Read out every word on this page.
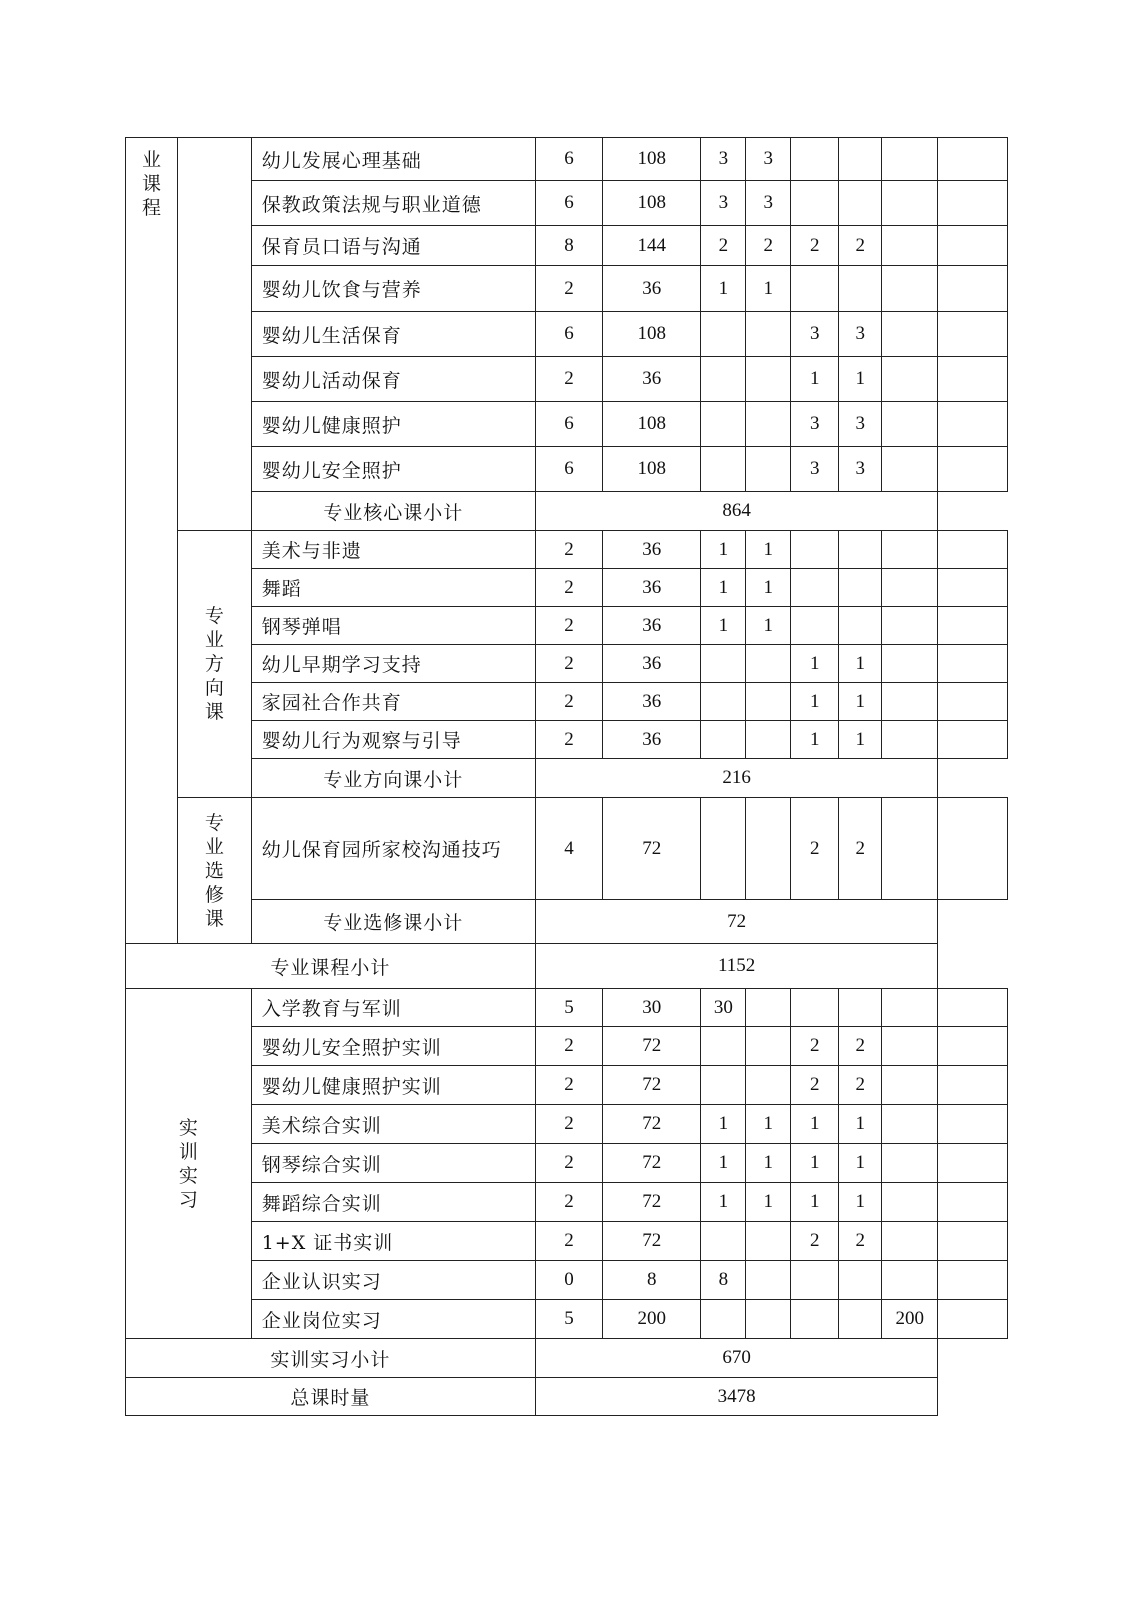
业课程		幼儿发展心理基础	6	108	3	3				
		保教政策法规与职业道德	6	108	3	3				
		保育员口语与沟通	8	144	2	2	2	2		
		婴幼儿饮食与营养	2	36	1	1				
		婴幼儿生活保育	6	108			3	3		
		婴幼儿活动保育	2	36			1	1		
		婴幼儿健康照护	6	108			3	3		
		婴幼儿安全照护	6	108			3	3		
		专业核心课小计	864							
	专业方向课	美术与非遗	2	36	1	1				
		舞蹈	2	36	1	1				
		钢琴弹唱	2	36	1	1				
		幼儿早期学习支持	2	36			1	1		
		家园社合作共育	2	36			1	1		
		婴幼儿行为观察与引导	2	36			1	1		
		专业方向课小计	216							
	专业选修课	幼儿保育园所家校沟通技巧	4	72			2	2		
		专业选修课小计	72							
专业课程小计			1152							
实训实习		入学教育与军训	5	30	30					
		婴幼儿安全照护实训	2	72			2	2		
		婴幼儿健康照护实训	2	72			2	2		
		美术综合实训	2	72	1	1	1	1		
		钢琴综合实训	2	72	1	1	1	1		
		舞蹈综合实训	2	72	1	1	1	1		
		1+X 证书实训	2	72			2	2		
		企业认识实习	0	8	8					
		企业岗位实习	5	200					200	
实训实习小计			670							
总课时量			3478							
